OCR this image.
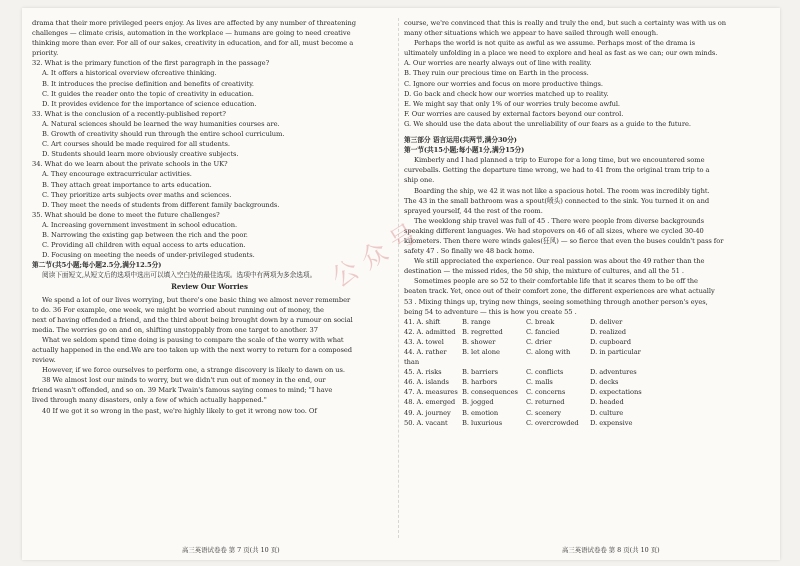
drama that their more privileged peers enjoy. As lives are affected by any number of threatening
challenges — climate crisis, automation in the workplace — humans are going to need creative
thinking more than ever. For all of our sakes, creativity in education, and for all, must become a
priority.
32. What is the primary function of the first paragraph in the passage?
A. It offers a historical overview ofcreative thinking.
B. It introduces the precise definition and benefits of creativity.
C. It guides the reader onto the topic of creativity in education.
D. It provides evidence for the importance of science education.
33. What is the conclusion of a recently-published report?
A. Natural sciences should be learned the way humanities courses are.
B. Growth of creativity should run through the entire school curriculum.
C. Art courses should be made required for all students.
D. Students should learn more obviously creative subjects.
34. What do we learn about the private schools in the UK?
A. They encourage extracurricular activities.
B. They attach great importance to arts education.
C. They prioritize arts subjects over maths and sciences.
D. They meet the needs of students from different family backgrounds.
35. What should be done to meet the future challenges?
A. Increasing government investment in school education.
B. Narrowing the existing gap between the rich and the poor.
C. Providing all children with equal access to arts education.
D. Focusing on meeting the needs of under-privileged students.
第二节(共5小题;每小题2.5分,满分12.5分)
阅读下面短文,从短文后的选项中选出可以填入空白处的最佳选项。选项中有两项为多余选项。
Review Our Worries
We spend a lot of our lives worrying, but there's one basic thing we almost never remember
to do. 36 For example, one week, we might be worried about running out of money, the
next of having offended a friend, and the third about being brought down by a rumour on social
media. The worries go on and on, shifting unstoppably from one target to another. 37
What we seldom spend time doing is pausing to compare the scale of the worry with what
actually happened in the end.We are too taken up with the next worry to return for a composed
review.
However, if we force ourselves to perform one, a strange discovery is likely to dawn on us.
38 We almost lost our minds to worry, but we didn't run out of money in the end, our
friend wasn't offended, and so on. 39 Mark Twain's famous saying comes to mind; "I have
lived through many disasters, only a few of which actually happened."
40 If we got it so wrong in the past, we're highly likely to get it wrong now too. Of
course, we're convinced that this is really and truly the end, but such a certainty was with us on
many other situations which we appear to have sailed through well enough.
Perhaps the world is not quite as awful as we assume. Perhaps most of the drama is
ultimately unfolding in a place we need to explore and heal as fast as we can; our own minds.
A. Our worries are nearly always out of line with reality.
B. They ruin our precious time on Earth in the process.
C. Ignore our worries and focus on more productive things.
D. Go back and check how our worries matched up to reality.
E. We might say that only 1% of our worries truly become awful.
F. Our worries are caused by external factors beyond our control.
G. We should use the data about the unreliability of our fears as a guide to the future.
第三部分 语言运用(共两节,满分30分)
第一节(共15小题;每小题1分,满分15分)
Kimberly and I had planned a trip to Europe for a long time, but we encountered some
curveballs. Getting the departure time wrong, we had to 41 from the original tram trip to a
ship one.
Boarding the ship, we 42 it was not like a spacious hotel. The room was incredibly tight.
The 43 in the small bathroom was a spout(喷头) connected to the sink. You turned it on and
sprayed yourself, 44 the rest of the room.
The weeklong ship travel was full of 45 . There were people from diverse backgrounds
speaking different languages. We had stopovers on 46 of all sizes, where we cycled 30-40
kilometers. Then there were winds gales(狂风) — so fierce that even the buses couldn't pass for
safety 47 . So finally we 48 back home.
We still appreciated the experience. Our real passion was about the 49 rather than the
destination — the missed rides, the 50 ship, the mixture of cultures, and all the 51 .
Sometimes people are so 52 to their comfortable life that it scares them to be off the
beaten track. Yet, once out of their comfort zone, the different experiences are what actually
53 . Mixing things up, trying new things, seeing something through another person's eyes,
being 54 to adventure — this is how you create 55 .
41. A. shift	B. range	C. break	D. deliver
42. A. admitted B. regretted	C. fancied	D. realized
43. A. towel	B. shower	C. drier	D. cupboard
44. A. rather than
B. let alone	C. along with	D. in particular
45. A. risks	B. barriers	C. conflicts	D. adventures
46. A. islands	B. harbors	C. malls	D. decks
47. A. measures B. consequences	C. concerns	D. expectations
48. A. emerged	B. jogged	C. returned	D. headed
49. A. journey	B. emotion	C. scenery	D. culture
50. A. vacant	B. luxurious	C. overcrowded	D. expensive
公众号
高三英语试卷卷 第 7 页(共 10 页)	高三英语试卷卷 第 8 页(共 10 页)
